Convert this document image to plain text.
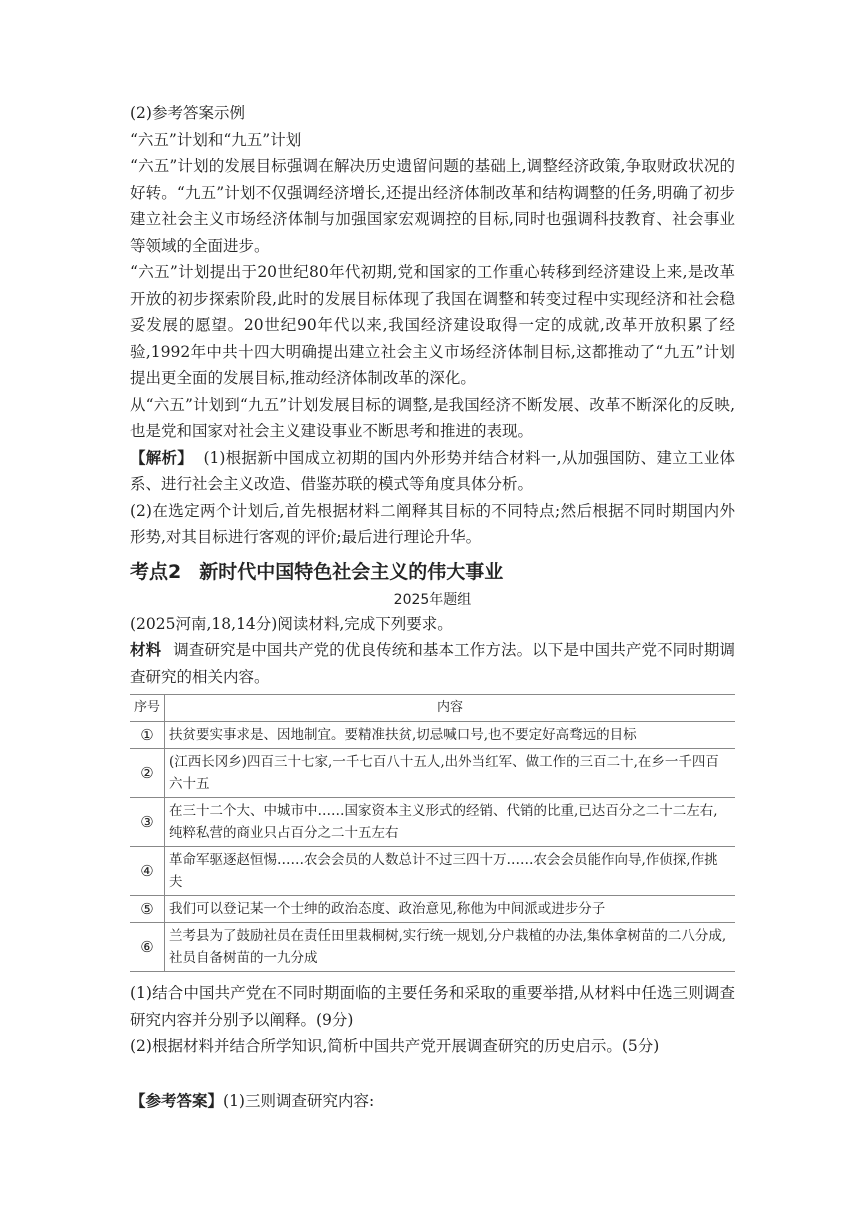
(2)参考答案示例

“六五”计划和“九五”计划

“六五”计划的发展目标强调在解决历史遗留问题的基础上,调整经济政策,争取财政状况的好转。“九五”计划不仅强调经济增长,还提出经济体制改革和结构调整的任务,明确了初步建立社会主义市场经济体制与加强国家宏观调控的目标,同时也强调科技教育、社会事业等领域的全面进步。

“六五”计划提出于20世纪80年代初期,党和国家的工作重心转移到经济建设上来,是改革开放的初步探索阶段,此时的发展目标体现了我国在调整和转变过程中实现经济和社会稳妥发展的愿望。20世纪90年代以来,我国经济建设取得一定的成就,改革开放积累了经验,1992年中共十四大明确提出建立社会主义市场经济体制目标,这都推动了“九五”计划提出更全面的发展目标,推动经济体制改革的深化。

从“六五”计划到“九五”计划发展目标的调整,是我国经济不断发展、改革不断深化的反映,也是党和国家对社会主义建设事业不断思考和推进的表现。

【解析】 (1)根据新中国成立初期的国内外形势并结合材料一,从加强国防、建立工业体系、进行社会主义改造、借鉴苏联的模式等角度具体分析。

(2)在选定两个计划后,首先根据材料二阐释其目标的不同特点;然后根据不同时期国内外形势,对其目标进行客观的评价;最后进行理论升华。

考点2 新时代中国特色社会主义的伟大事业

2025年题组

(2025河南,18,14分)阅读材料,完成下列要求。

材料 调查研究是中国共产党的优良传统和基本工作方法。以下是中国共产党不同时期调查研究的相关内容。

序号	内容
①	扶贫要实事求是、因地制宜。要精准扶贫,切忌喊口号,也不要定好高骛远的目标
②	(江西长冈乡)四百三十七家,一千七百八十五人,出外当红军、做工作的三百二十,在乡一千四百六十五
③	在三十二个大、中城市中……国家资本主义形式的经销、代销的比重,已达百分之二十二左右,纯粹私营的商业只占百分之二十五左右
④	革命军驱逐赵恒惕……农会会员的人数总计不过三四十万……农会会员能作向导,作侦探,作挑夫
⑤	我们可以登记某一个士绅的政治态度、政治意见,称他为中间派或进步分子
⑥	兰考县为了鼓励社员在责任田里栽桐树,实行统一规划,分户栽植的办法,集体拿树苗的二八分成,社员自备树苗的一九分成

(1)结合中国共产党在不同时期面临的主要任务和采取的重要举措,从材料中任选三则调查研究内容并分别予以阐释。(9分)

(2)根据材料并结合所学知识,简析中国共产党开展调查研究的历史启示。(5分)

【参考答案】(1)三则调查研究内容:
